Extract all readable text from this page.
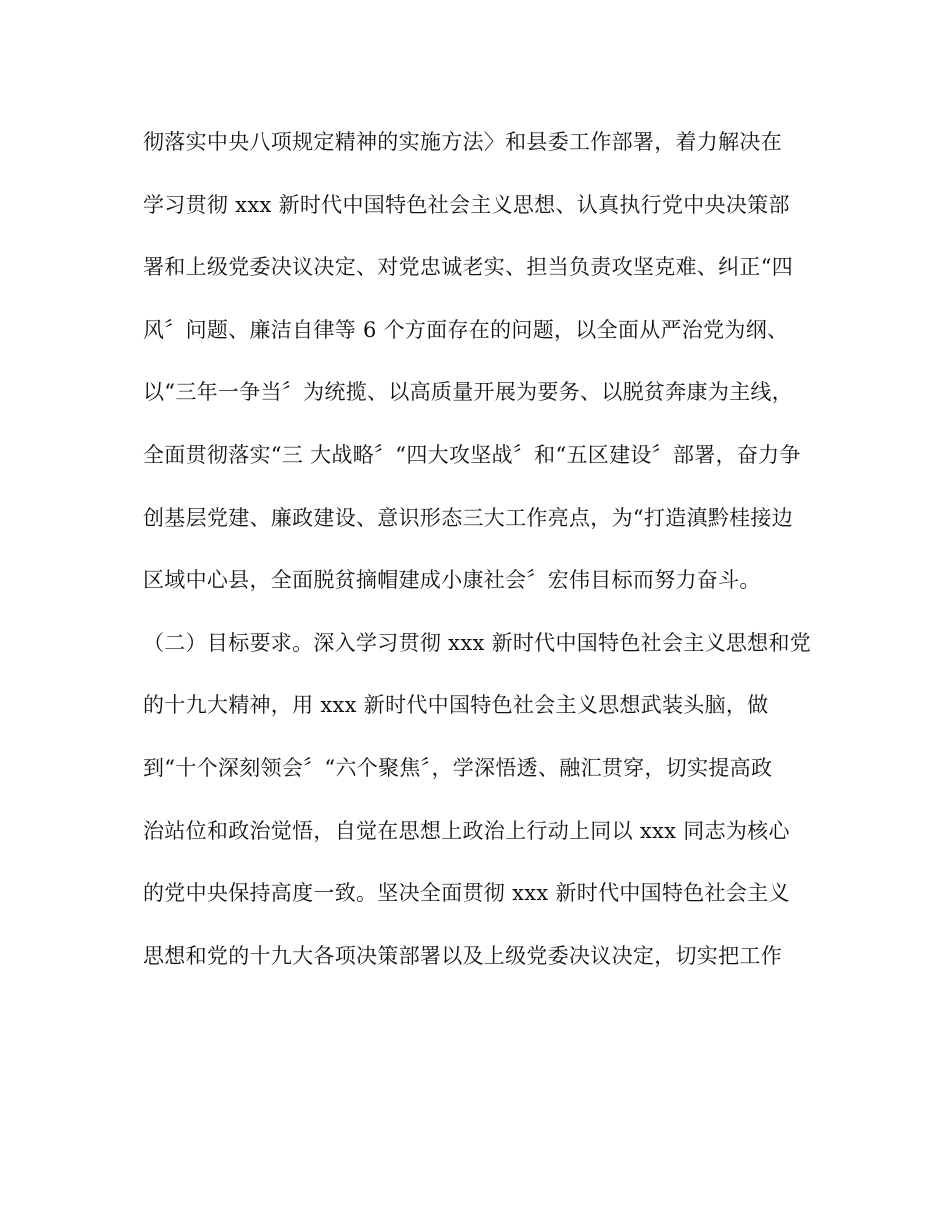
彻落实中央八项规定精神的实施方法〉和县委工作部署，着力解决在
学习贯彻 xxx 新时代中国特色社会主义思想、认真执行党中央决策部
署和上级党委决议决定、对党忠诚老实、担当负责攻坚克难、纠正“四
风〞问题、廉洁自律等 6 个方面存在的问题，以全面从严治党为纲、
以“三年一争当〞为统揽、以高质量开展为要务、以脱贫奔康为主线，
全面贯彻落实“三 大战略〞“四大攻坚战〞和“五区建设〞部署，奋力争
创基层党建、廉政建设、意识形态三大工作亮点，为“打造滇黔桂接边
区域中心县，全面脱贫摘帽建成小康社会〞宏伟目标而努力奋斗。
（二）目标要求。深入学习贯彻 xxx 新时代中国特色社会主义思想和党
的十九大精神，用 xxx 新时代中国特色社会主义思想武装头脑，做
到“十个深刻领会〞“六个聚焦〞，学深悟透、融汇贯穿，切实提高政
治站位和政治觉悟，自觉在思想上政治上行动上同以 xxx 同志为核心
的党中央保持高度一致。坚决全面贯彻 xxx 新时代中国特色社会主义
思想和党的十九大各项决策部署以及上级党委决议决定，切实把工作
